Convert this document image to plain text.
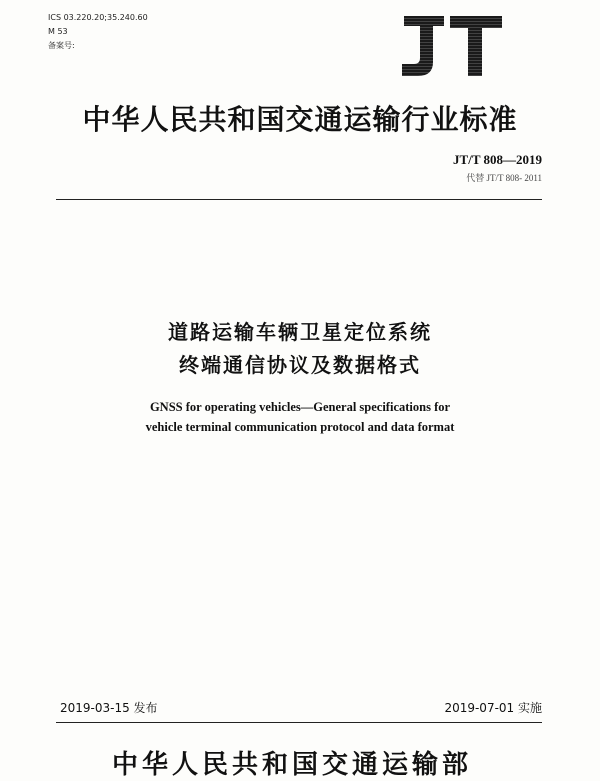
ICS 03.220.20;35.240.60
M 53
备案号:
中华人民共和国交通运输行业标准
JT/T 808—2019
代替 JT/T 808- 2011
道路运输车辆卫星定位系统
终端通信协议及数据格式
GNSS for operating vehicles—General specifications for
vehicle terminal communication protocol and data format
2019-03-15 发布	2019-07-01 实施
中华人民共和国交通运输部
